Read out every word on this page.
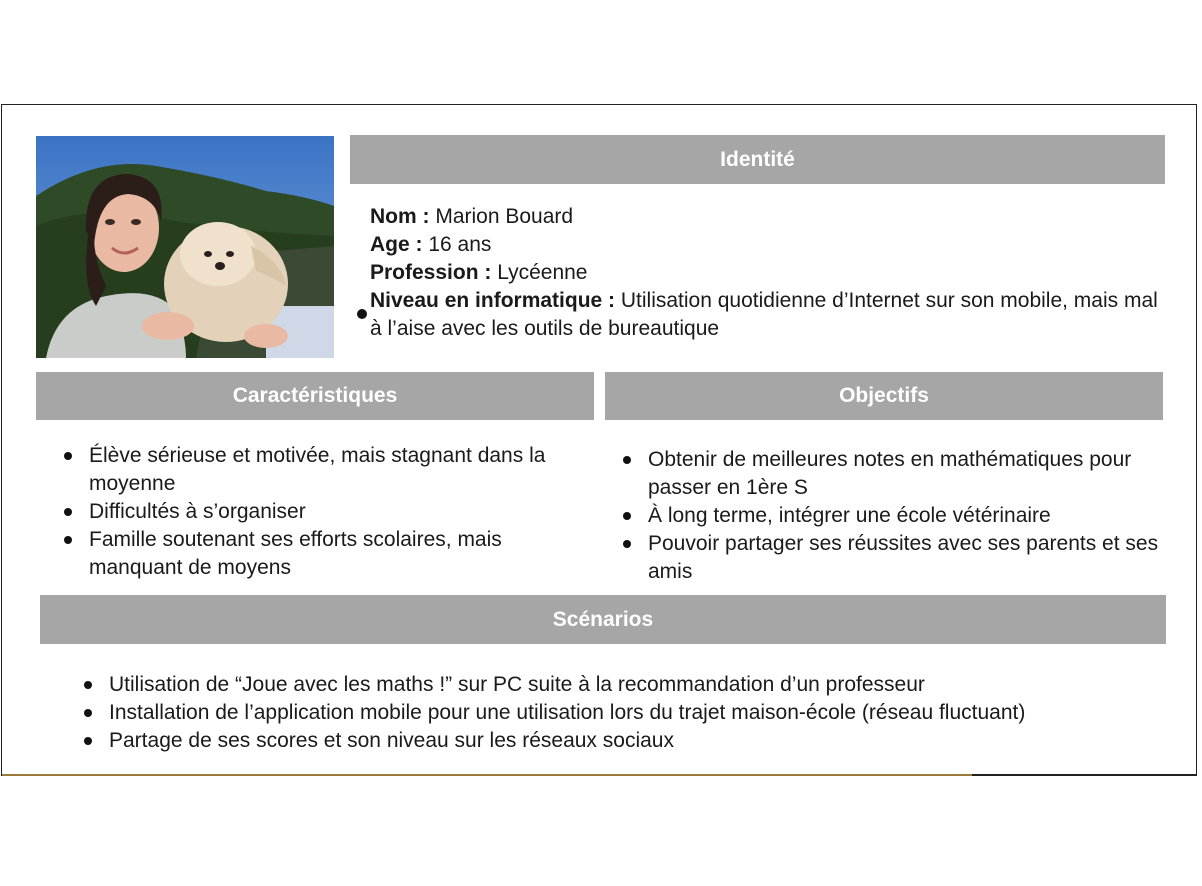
Identité
Nom : Marion Bouard
Age : 16 ans
Profession : Lycéenne
Niveau en informatique : Utilisation quotidienne d’Internet sur son mobile, mais mal à l’aise avec les outils de bureautique
Caractéristiques	Objectifs
Élève sérieuse et motivée, mais stagnant dans la moyenne
Difficultés à s’organiser
Famille soutenant ses efforts scolaires, mais manquant de moyens
Obtenir de meilleures notes en mathématiques pour passer en 1ère S
À long terme, intégrer une école vétérinaire
Pouvoir partager ses réussites avec ses parents et ses amis
Scénarios
Utilisation de “Joue avec les maths !” sur PC suite à la recommandation d’un professeur
Installation de l’application mobile pour une utilisation lors du trajet maison-école (réseau fluctuant)
Partage de ses scores et son niveau sur les réseaux sociaux
